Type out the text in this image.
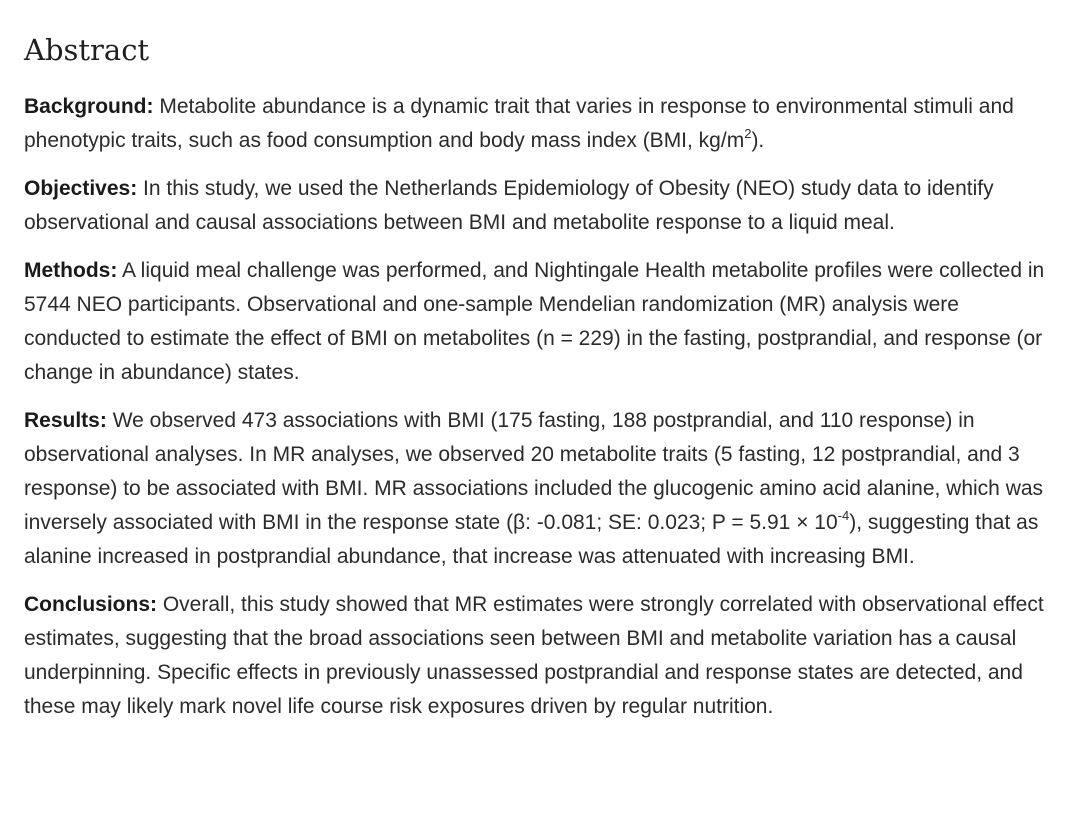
Abstract

Background: Metabolite abundance is a dynamic trait that varies in response to environmental stimuli and phenotypic traits, such as food consumption and body mass index (BMI, $kg/m^2$).

Objectives: In this study, we used the Netherlands Epidemiology of Obesity (NEO) study data to identify observational and causal associations between BMI and metabolite response to a liquid meal.

Methods: A liquid meal challenge was performed, and Nightingale Health metabolite profiles were collected in 5744 NEO participants. Observational and one-sample Mendelian randomization (MR) analysis were conducted to estimate the effect of BMI on metabolites (n = 229) in the fasting, postprandial, and response (or change in abundance) states.

Results: We observed 473 associations with BMI (175 fasting, 188 postprandial, and 110 response) in observational analyses. In MR analyses, we observed 20 metabolite traits (5 fasting, 12 postprandial, and 3 response) to be associated with BMI. MR associations included the glucogenic amino acid alanine, which was inversely associated with BMI in the response state (β: -0.081; SE: 0.023; $P = 5.91 \times 10^{-4}$), suggesting that as alanine increased in postprandial abundance, that increase was attenuated with increasing BMI.

Conclusions: Overall, this study showed that MR estimates were strongly correlated with observational effect estimates, suggesting that the broad associations seen between BMI and metabolite variation has a causal underpinning. Specific effects in previously unassessed postprandial and response states are detected, and these may likely mark novel life course risk exposures driven by regular nutrition.
